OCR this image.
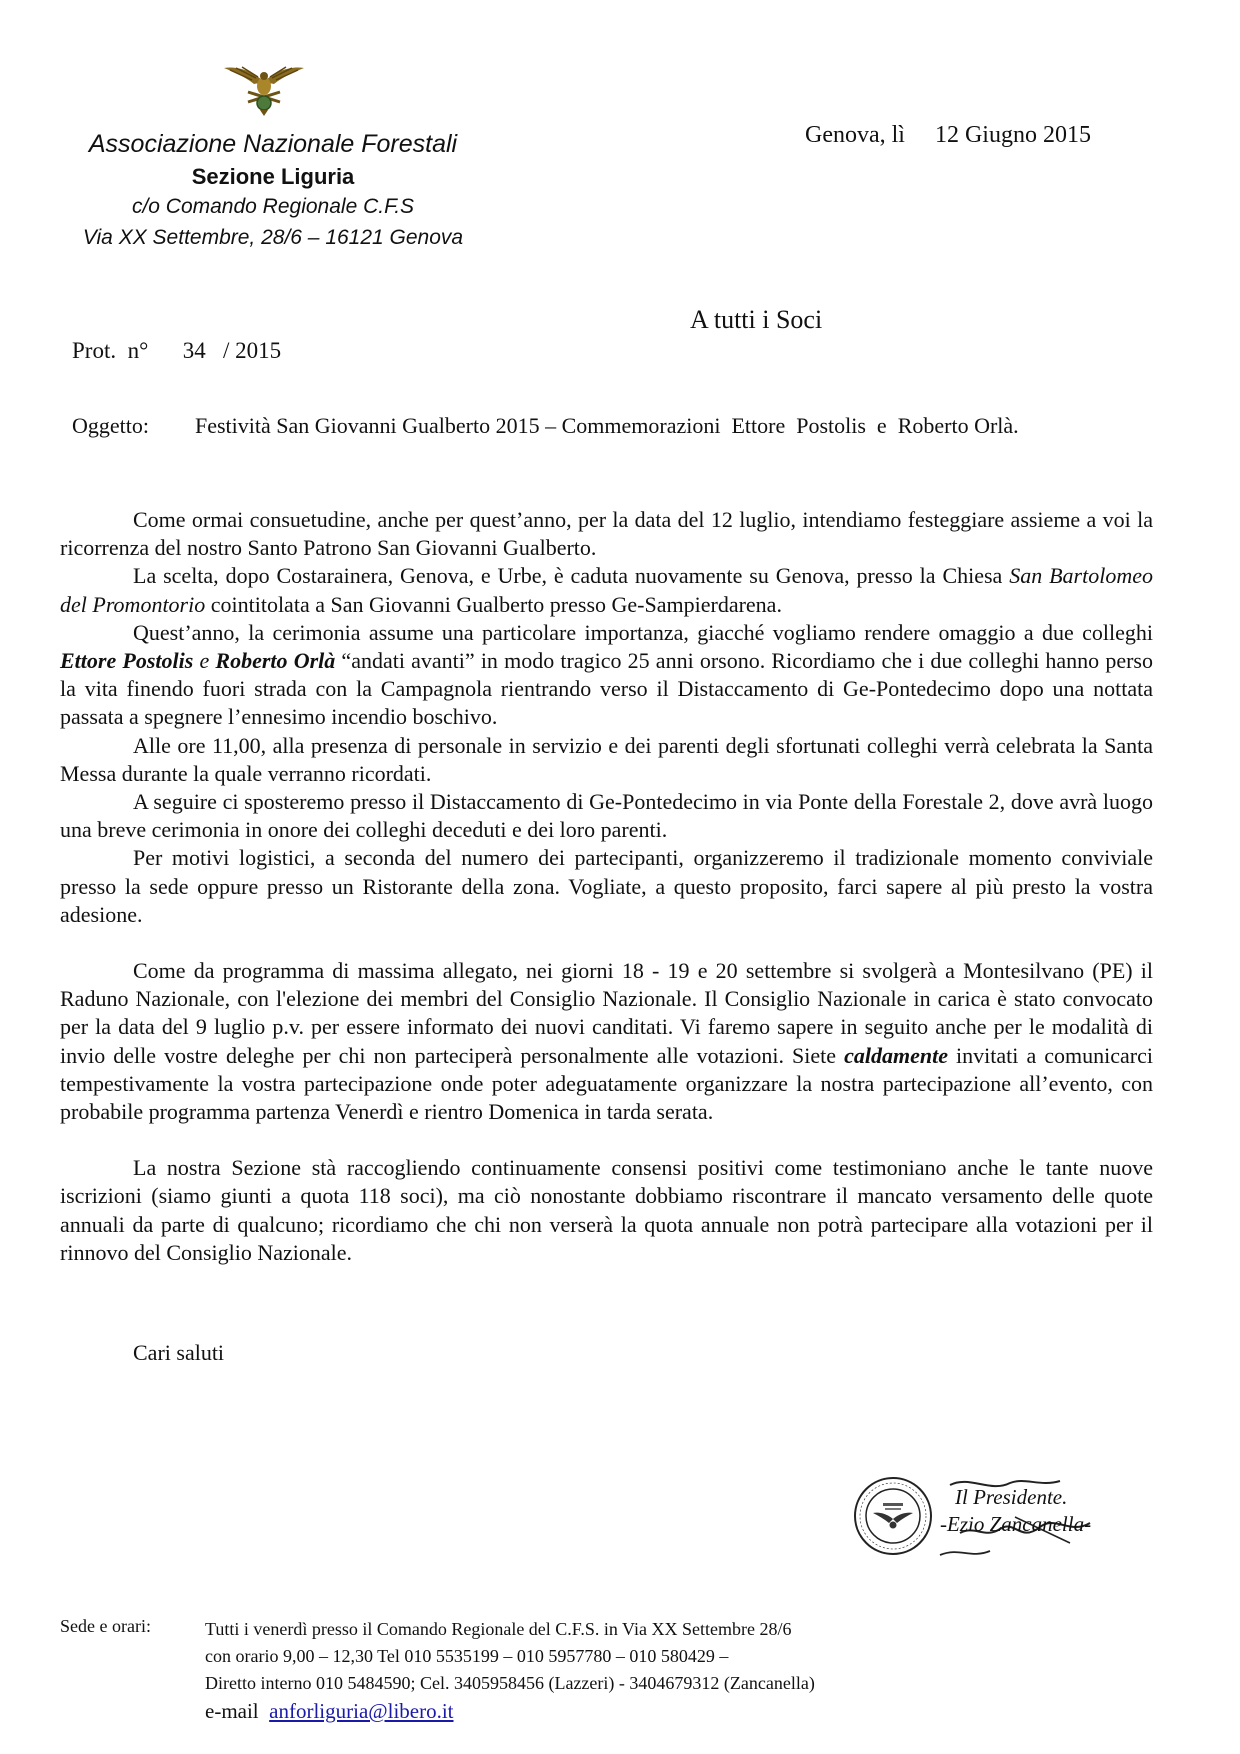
Associazione Nazionale Forestali
Sezione Liguria
c/o Comando Regionale C.F.S
Via XX Settembre, 28/6 – 16121 Genova
Genova, lì     12 Giugno 2015
A tutti i Soci
Prot.  n°      34   / 2015
Oggetto: Festività San Giovanni Gualberto 2015 – Commemorazioni  Ettore  Postolis  e  Roberto Orlà.

Come ormai consuetudine, anche per quest’anno, per la data del 12 luglio, intendiamo festeggiare assieme a voi la ricorrenza del nostro Santo Patrono San Giovanni Gualberto.

La scelta, dopo Costarainera, Genova, e Urbe, è caduta nuovamente su Genova, presso la Chiesa San Bartolomeo del Promontorio cointitolata a San Giovanni Gualberto presso Ge-Sampierdarena.

Quest’anno, la cerimonia assume una particolare importanza, giacché vogliamo rendere omaggio a due colleghi Ettore Postolis e Roberto Orlà “andati avanti” in modo tragico 25 anni orsono. Ricordiamo che i due colleghi hanno perso la vita finendo fuori strada con la Campagnola rientrando verso il Distaccamento di Ge-Pontedecimo dopo una nottata passata a spegnere l’ennesimo incendio boschivo.

Alle ore 11,00, alla presenza di personale in servizio e dei parenti degli sfortunati colleghi verrà celebrata la Santa Messa durante la quale verranno ricordati.

A seguire ci sposteremo presso il Distaccamento di Ge-Pontedecimo in via Ponte della Forestale 2, dove avrà luogo una breve cerimonia in onore dei colleghi deceduti e dei loro parenti.

Per motivi logistici, a seconda del numero dei partecipanti, organizzeremo il tradizionale momento conviviale presso la sede oppure presso un Ristorante della zona. Vogliate, a questo proposito, farci sapere al più presto la vostra adesione.

Come da programma di massima allegato, nei giorni 18 - 19 e 20 settembre si svolgerà a Montesilvano (PE) il Raduno Nazionale, con l'elezione dei membri del Consiglio Nazionale. Il Consiglio Nazionale in carica è stato convocato per la data del 9 luglio p.v. per essere informato dei nuovi canditati. Vi faremo sapere in seguito anche per le modalità di invio delle vostre deleghe per chi non parteciperà personalmente alle votazioni. Siete caldamente invitati a comunicarci tempestivamente la vostra partecipazione onde poter adeguatamente organizzare la nostra partecipazione all’evento, con probabile programma partenza Venerdì e rientro Domenica in tarda serata.

La nostra Sezione stà raccogliendo continuamente consensi positivi come testimoniano anche le tante nuove iscrizioni (siamo giunti a quota 118 soci), ma ciò nonostante dobbiamo riscontrare il mancato versamento delle quote annuali da parte di qualcuno; ricordiamo che chi non verserà la quota annuale non potrà partecipare alla votazioni per il rinnovo del Consiglio Nazionale.

Cari saluti
Il Presidente.
-Ezio Zancanella-
Sede e orari:	Tutti i venerdì presso il Comando Regionale del C.F.S. in Via XX Settembre 28/6
con orario 9,00 – 12,30 Tel 010 5535199 – 010 5957780 – 010 580429 –
Diretto interno 010 5484590; Cel. 3405958456 (Lazzeri) - 3404679312 (Zancanella)
e-mail  anforliguria@libero.it
